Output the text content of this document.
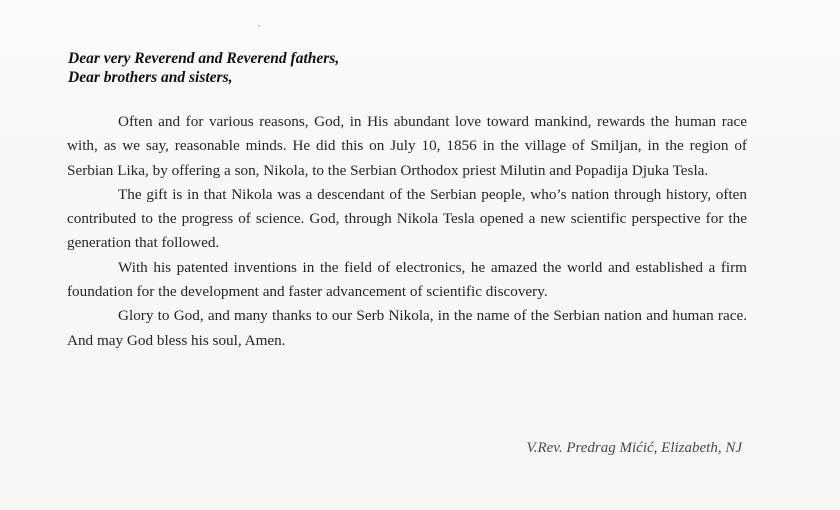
Dear very Reverend and Reverend fathers,
Dear brothers and sisters,

Often and for various reasons, God, in His abundant love toward mankind, rewards the human race with, as we say, reasonable minds. He did this on July 10, 1856 in the village of Smiljan, in the region of Serbian Lika, by offering a son, Nikola, to the Serbian Orthodox priest Milutin and Popadija Djuka Tesla.

The gift is in that Nikola was a descendant of the Serbian people, who’s nation through history, often contributed to the progress of science. God, through Nikola Tesla opened a new scientific perspective for the generation that followed.

With his patented inventions in the field of electronics, he amazed the world and established a firm foundation for the development and faster advancement of scientific discovery.

Glory to God, and many thanks to our Serb Nikola, in the name of the Serbian nation and human race. And may God bless his soul, Amen.

V.Rev. Predrag Mićić, Elizabeth, NJ
